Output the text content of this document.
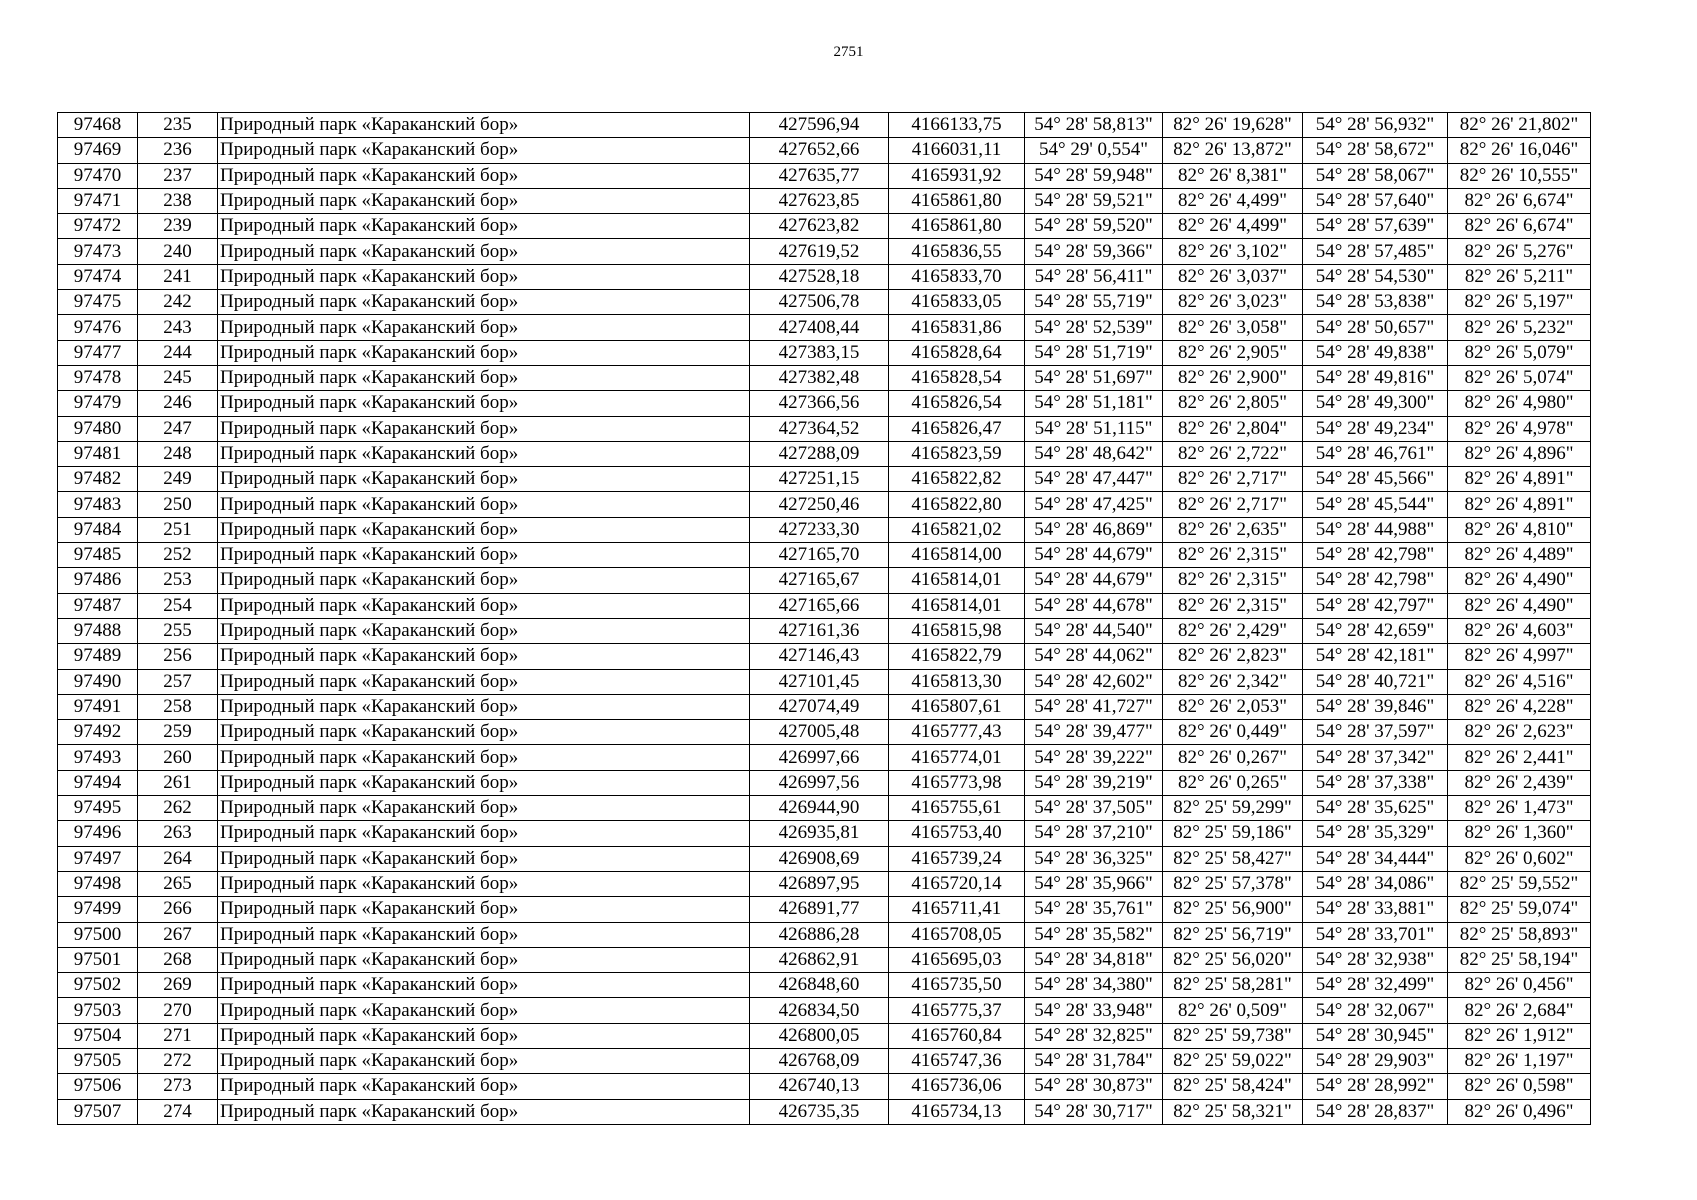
2751
97468	235	Природный парк «Караканский бор»	427596,94	4166133,75	54° 28' 58,813"	82° 26' 19,628"	54° 28' 56,932"	82° 26' 21,802"
97469	236	Природный парк «Караканский бор»	427652,66	4166031,11	54° 29' 0,554"	82° 26' 13,872"	54° 28' 58,672"	82° 26' 16,046"
97470	237	Природный парк «Караканский бор»	427635,77	4165931,92	54° 28' 59,948"	82° 26' 8,381"	54° 28' 58,067"	82° 26' 10,555"
97471	238	Природный парк «Караканский бор»	427623,85	4165861,80	54° 28' 59,521"	82° 26' 4,499"	54° 28' 57,640"	82° 26' 6,674"
97472	239	Природный парк «Караканский бор»	427623,82	4165861,80	54° 28' 59,520"	82° 26' 4,499"	54° 28' 57,639"	82° 26' 6,674"
97473	240	Природный парк «Караканский бор»	427619,52	4165836,55	54° 28' 59,366"	82° 26' 3,102"	54° 28' 57,485"	82° 26' 5,276"
97474	241	Природный парк «Караканский бор»	427528,18	4165833,70	54° 28' 56,411"	82° 26' 3,037"	54° 28' 54,530"	82° 26' 5,211"
97475	242	Природный парк «Караканский бор»	427506,78	4165833,05	54° 28' 55,719"	82° 26' 3,023"	54° 28' 53,838"	82° 26' 5,197"
97476	243	Природный парк «Караканский бор»	427408,44	4165831,86	54° 28' 52,539"	82° 26' 3,058"	54° 28' 50,657"	82° 26' 5,232"
97477	244	Природный парк «Караканский бор»	427383,15	4165828,64	54° 28' 51,719"	82° 26' 2,905"	54° 28' 49,838"	82° 26' 5,079"
97478	245	Природный парк «Караканский бор»	427382,48	4165828,54	54° 28' 51,697"	82° 26' 2,900"	54° 28' 49,816"	82° 26' 5,074"
97479	246	Природный парк «Караканский бор»	427366,56	4165826,54	54° 28' 51,181"	82° 26' 2,805"	54° 28' 49,300"	82° 26' 4,980"
97480	247	Природный парк «Караканский бор»	427364,52	4165826,47	54° 28' 51,115"	82° 26' 2,804"	54° 28' 49,234"	82° 26' 4,978"
97481	248	Природный парк «Караканский бор»	427288,09	4165823,59	54° 28' 48,642"	82° 26' 2,722"	54° 28' 46,761"	82° 26' 4,896"
97482	249	Природный парк «Караканский бор»	427251,15	4165822,82	54° 28' 47,447"	82° 26' 2,717"	54° 28' 45,566"	82° 26' 4,891"
97483	250	Природный парк «Караканский бор»	427250,46	4165822,80	54° 28' 47,425"	82° 26' 2,717"	54° 28' 45,544"	82° 26' 4,891"
97484	251	Природный парк «Караканский бор»	427233,30	4165821,02	54° 28' 46,869"	82° 26' 2,635"	54° 28' 44,988"	82° 26' 4,810"
97485	252	Природный парк «Караканский бор»	427165,70	4165814,00	54° 28' 44,679"	82° 26' 2,315"	54° 28' 42,798"	82° 26' 4,489"
97486	253	Природный парк «Караканский бор»	427165,67	4165814,01	54° 28' 44,679"	82° 26' 2,315"	54° 28' 42,798"	82° 26' 4,490"
97487	254	Природный парк «Караканский бор»	427165,66	4165814,01	54° 28' 44,678"	82° 26' 2,315"	54° 28' 42,797"	82° 26' 4,490"
97488	255	Природный парк «Караканский бор»	427161,36	4165815,98	54° 28' 44,540"	82° 26' 2,429"	54° 28' 42,659"	82° 26' 4,603"
97489	256	Природный парк «Караканский бор»	427146,43	4165822,79	54° 28' 44,062"	82° 26' 2,823"	54° 28' 42,181"	82° 26' 4,997"
97490	257	Природный парк «Караканский бор»	427101,45	4165813,30	54° 28' 42,602"	82° 26' 2,342"	54° 28' 40,721"	82° 26' 4,516"
97491	258	Природный парк «Караканский бор»	427074,49	4165807,61	54° 28' 41,727"	82° 26' 2,053"	54° 28' 39,846"	82° 26' 4,228"
97492	259	Природный парк «Караканский бор»	427005,48	4165777,43	54° 28' 39,477"	82° 26' 0,449"	54° 28' 37,597"	82° 26' 2,623"
97493	260	Природный парк «Караканский бор»	426997,66	4165774,01	54° 28' 39,222"	82° 26' 0,267"	54° 28' 37,342"	82° 26' 2,441"
97494	261	Природный парк «Караканский бор»	426997,56	4165773,98	54° 28' 39,219"	82° 26' 0,265"	54° 28' 37,338"	82° 26' 2,439"
97495	262	Природный парк «Караканский бор»	426944,90	4165755,61	54° 28' 37,505"	82° 25' 59,299"	54° 28' 35,625"	82° 26' 1,473"
97496	263	Природный парк «Караканский бор»	426935,81	4165753,40	54° 28' 37,210"	82° 25' 59,186"	54° 28' 35,329"	82° 26' 1,360"
97497	264	Природный парк «Караканский бор»	426908,69	4165739,24	54° 28' 36,325"	82° 25' 58,427"	54° 28' 34,444"	82° 26' 0,602"
97498	265	Природный парк «Караканский бор»	426897,95	4165720,14	54° 28' 35,966"	82° 25' 57,378"	54° 28' 34,086"	82° 25' 59,552"
97499	266	Природный парк «Караканский бор»	426891,77	4165711,41	54° 28' 35,761"	82° 25' 56,900"	54° 28' 33,881"	82° 25' 59,074"
97500	267	Природный парк «Караканский бор»	426886,28	4165708,05	54° 28' 35,582"	82° 25' 56,719"	54° 28' 33,701"	82° 25' 58,893"
97501	268	Природный парк «Караканский бор»	426862,91	4165695,03	54° 28' 34,818"	82° 25' 56,020"	54° 28' 32,938"	82° 25' 58,194"
97502	269	Природный парк «Караканский бор»	426848,60	4165735,50	54° 28' 34,380"	82° 25' 58,281"	54° 28' 32,499"	82° 26' 0,456"
97503	270	Природный парк «Караканский бор»	426834,50	4165775,37	54° 28' 33,948"	82° 26' 0,509"	54° 28' 32,067"	82° 26' 2,684"
97504	271	Природный парк «Караканский бор»	426800,05	4165760,84	54° 28' 32,825"	82° 25' 59,738"	54° 28' 30,945"	82° 26' 1,912"
97505	272	Природный парк «Караканский бор»	426768,09	4165747,36	54° 28' 31,784"	82° 25' 59,022"	54° 28' 29,903"	82° 26' 1,197"
97506	273	Природный парк «Караканский бор»	426740,13	4165736,06	54° 28' 30,873"	82° 25' 58,424"	54° 28' 28,992"	82° 26' 0,598"
97507	274	Природный парк «Караканский бор»	426735,35	4165734,13	54° 28' 30,717"	82° 25' 58,321"	54° 28' 28,837"	82° 26' 0,496"
